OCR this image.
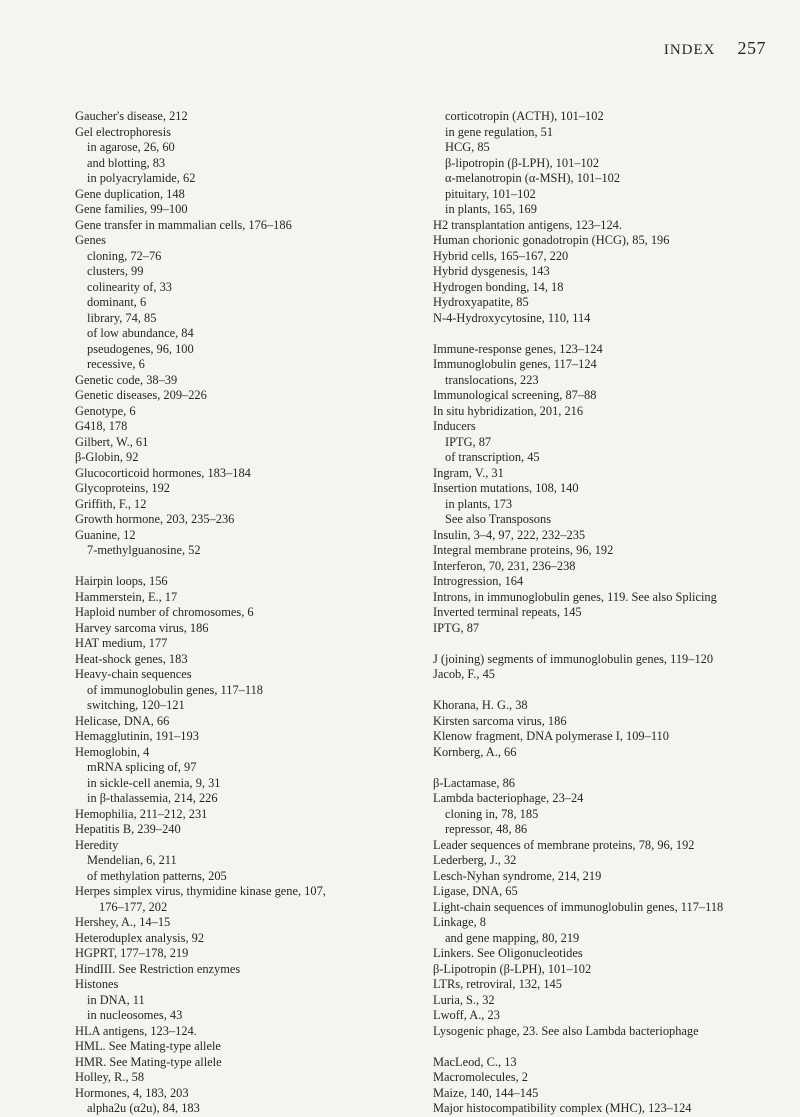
INDEX 257
Gaucher's disease, 212
Gel electrophoresis
in agarose, 26, 60
and blotting, 83
in polyacrylamide, 62
Gene duplication, 148
Gene families, 99–100
Gene transfer in mammalian cells, 176–186
Genes
cloning, 72–76
clusters, 99
colinearity of, 33
dominant, 6
library, 74, 85
of low abundance, 84
pseudogenes, 96, 100
recessive, 6
Genetic code, 38–39
Genetic diseases, 209–226
Genotype, 6
G418, 178
Gilbert, W., 61
β-Globin, 92
Glucocorticoid hormones, 183–184
Glycoproteins, 192
Griffith, F., 12
Growth hormone, 203, 235–236
Guanine, 12
7-methylguanosine, 52
Hairpin loops, 156
Hammerstein, E., 17
Haploid number of chromosomes, 6
Harvey sarcoma virus, 186
HAT medium, 177
Heat-shock genes, 183
Heavy-chain sequences
of immunoglobulin genes, 117–118
switching, 120–121
Helicase, DNA, 66
Hemagglutinin, 191–193
Hemoglobin, 4
mRNA splicing of, 97
in sickle-cell anemia, 9, 31
in β-thalassemia, 214, 226
Hemophilia, 211–212, 231
Hepatitis B, 239–240
Heredity
Mendelian, 6, 211
of methylation patterns, 205
Herpes simplex virus, thymidine kinase gene, 107,
176–177, 202
Hershey, A., 14–15
Heteroduplex analysis, 92
HGPRT, 177–178, 219
HindIII. See Restriction enzymes
Histones
in DNA, 11
in nucleosomes, 43
HLA antigens, 123–124.
HML. See Mating-type allele
HMR. See Mating-type allele
Holley, R., 58
Hormones, 4, 183, 203
alpha2u (α2u), 84, 183
corticotropin (ACTH), 101–102
in gene regulation, 51
HCG, 85
β-lipotropin (β-LPH), 101–102
α-melanotropin (α-MSH), 101–102
pituitary, 101–102
in plants, 165, 169
H2 transplantation antigens, 123–124.
Human chorionic gonadotropin (HCG), 85, 196
Hybrid cells, 165–167, 220
Hybrid dysgenesis, 143
Hydrogen bonding, 14, 18
Hydroxyapatite, 85
N-4-Hydroxycytosine, 110, 114
Immune-response genes, 123–124
Immunoglobulin genes, 117–124
translocations, 223
Immunological screening, 87–88
In situ hybridization, 201, 216
Inducers
IPTG, 87
of transcription, 45
Ingram, V., 31
Insertion mutations, 108, 140
in plants, 173
See also Transposons
Insulin, 3–4, 97, 222, 232–235
Integral membrane proteins, 96, 192
Interferon, 70, 231, 236–238
Introgression, 164
Introns, in immunoglobulin genes, 119. See also Splicing
Inverted terminal repeats, 145
IPTG, 87
J (joining) segments of immunoglobulin genes, 119–120
Jacob, F., 45
Khorana, H. G., 38
Kirsten sarcoma virus, 186
Klenow fragment, DNA polymerase I, 109–110
Kornberg, A., 66
β-Lactamase, 86
Lambda bacteriophage, 23–24
cloning in, 78, 185
repressor, 48, 86
Leader sequences of membrane proteins, 78, 96, 192
Lederberg, J., 32
Lesch-Nyhan syndrome, 214, 219
Ligase, DNA, 65
Light-chain sequences of immunoglobulin genes, 117–118
Linkage, 8
and gene mapping, 80, 219
Linkers. See Oligonucleotides
β-Lipotropin (β-LPH), 101–102
LTRs, retroviral, 132, 145
Luria, S., 32
Lwoff, A., 23
Lysogenic phage, 23. See also Lambda bacteriophage
MacLeod, C., 13
Macromolecules, 2
Maize, 140, 144–145
Major histocompatibility complex (MHC), 123–124
